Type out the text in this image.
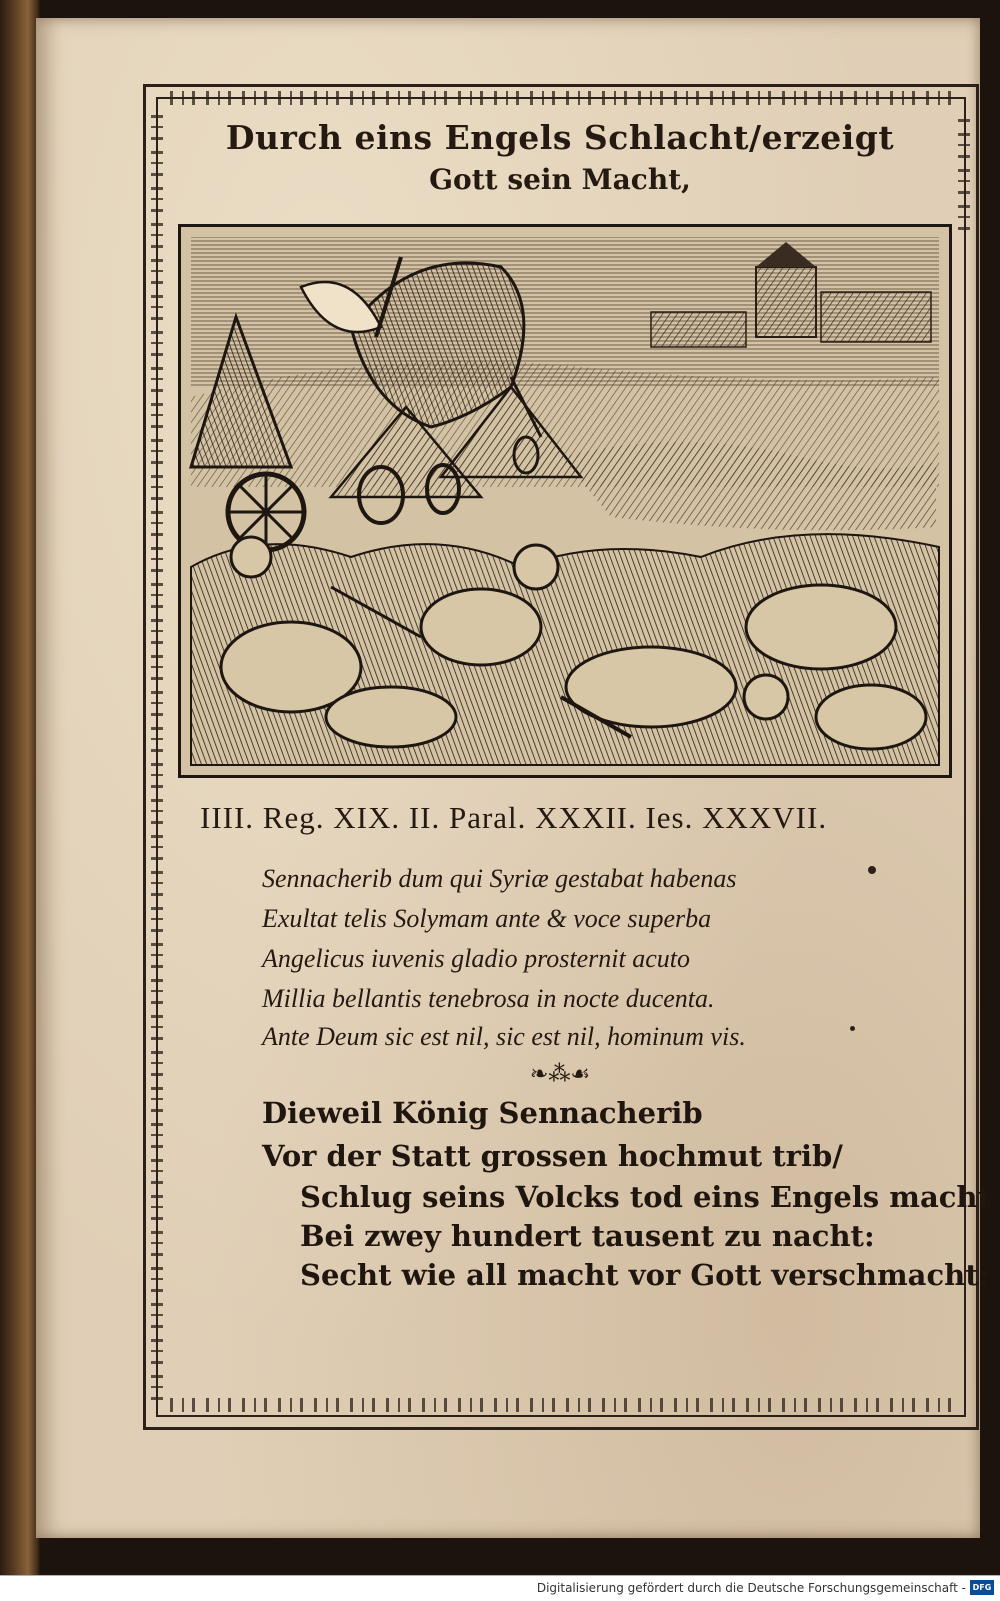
Durch eins Engels Schlacht/erzeigt
Gott sein Macht,
IIII. Reg. XIX. II. Paral. XXXII. Ies. XXXVII.
Sennacherib dum qui Syriæ gestabat habenas
Exultat telis Solymam ante & voce superba
Angelicus iuvenis gladio prosternit acuto
Millia bellantis tenebrosa in nocte ducenta.
Ante Deum sic est nil, sic est nil, hominum vis.
❧⁂☙
Dieweil König Sennacherib
Vor der Statt grossen hochmut trib/
Schlug seins Volcks tod eins Engels macht
Bei zwey hundert tausent zu nacht:
Secht wie all macht vor Gott verschmacht:
Digitalisierung gefördert durch die Deutsche Forschungsgemeinschaft - DFG
